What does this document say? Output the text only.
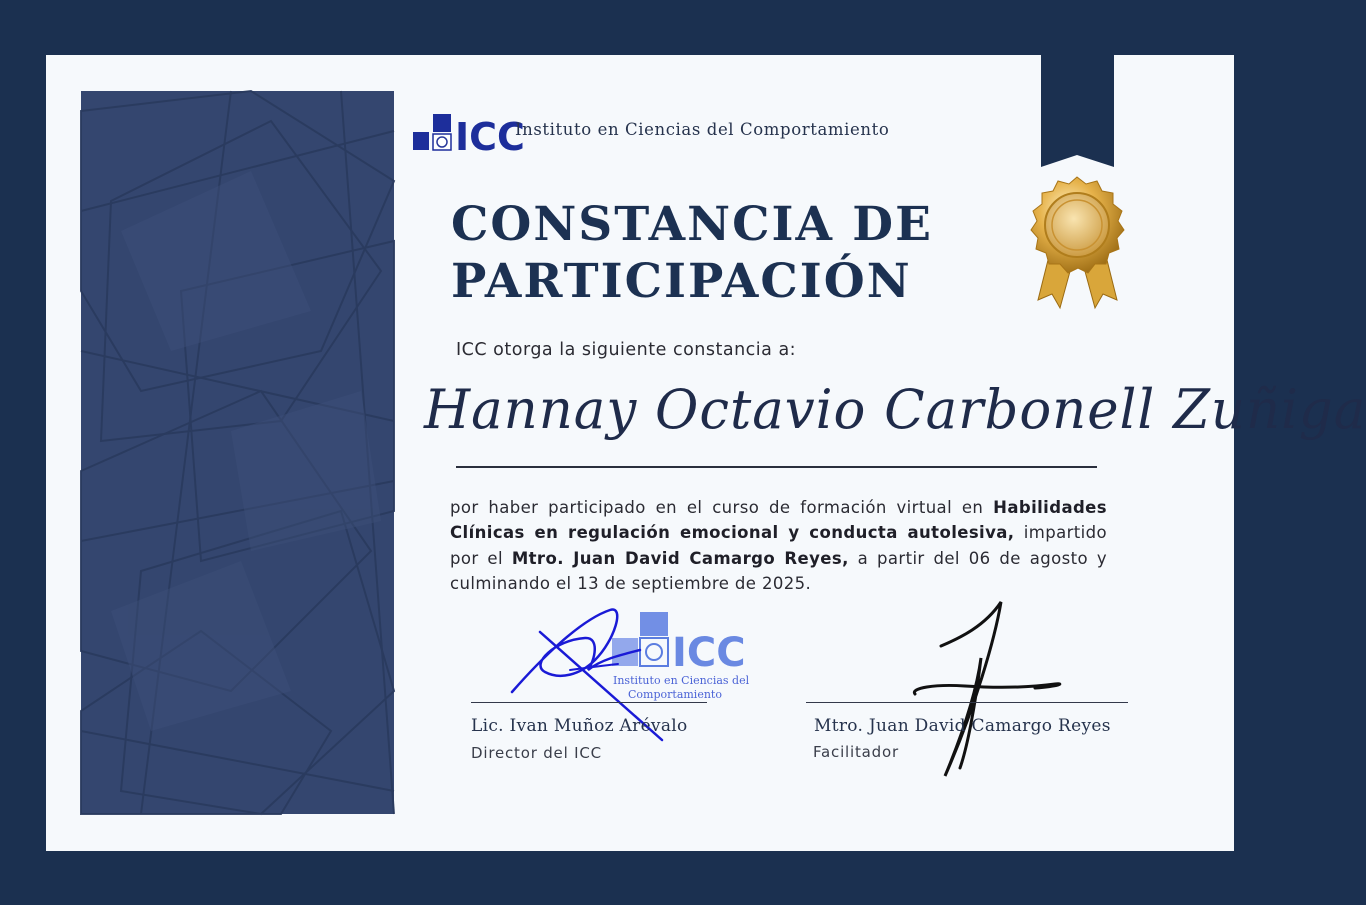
ICC
Instituto en Ciencias del Comportamiento
CONSTANCIA DE
PARTICIPACIÓN
ICC otorga la siguiente constancia a:
Hannay Octavio Carbonell Zuñiga

por haber participado en el curso de formación virtual en Habilidades Clínicas en regulación emocional y conducta autolesiva, impartido por el Mtro. Juan David Camargo Reyes, a partir del 06 de agosto y culminando el 13 de septiembre de 2025.

ICC
Instituto en Ciencias del
Comportamiento
Lic. Ivan Muñoz Arévalo
Director del ICC
Mtro. Juan David Camargo Reyes
Facilitador
